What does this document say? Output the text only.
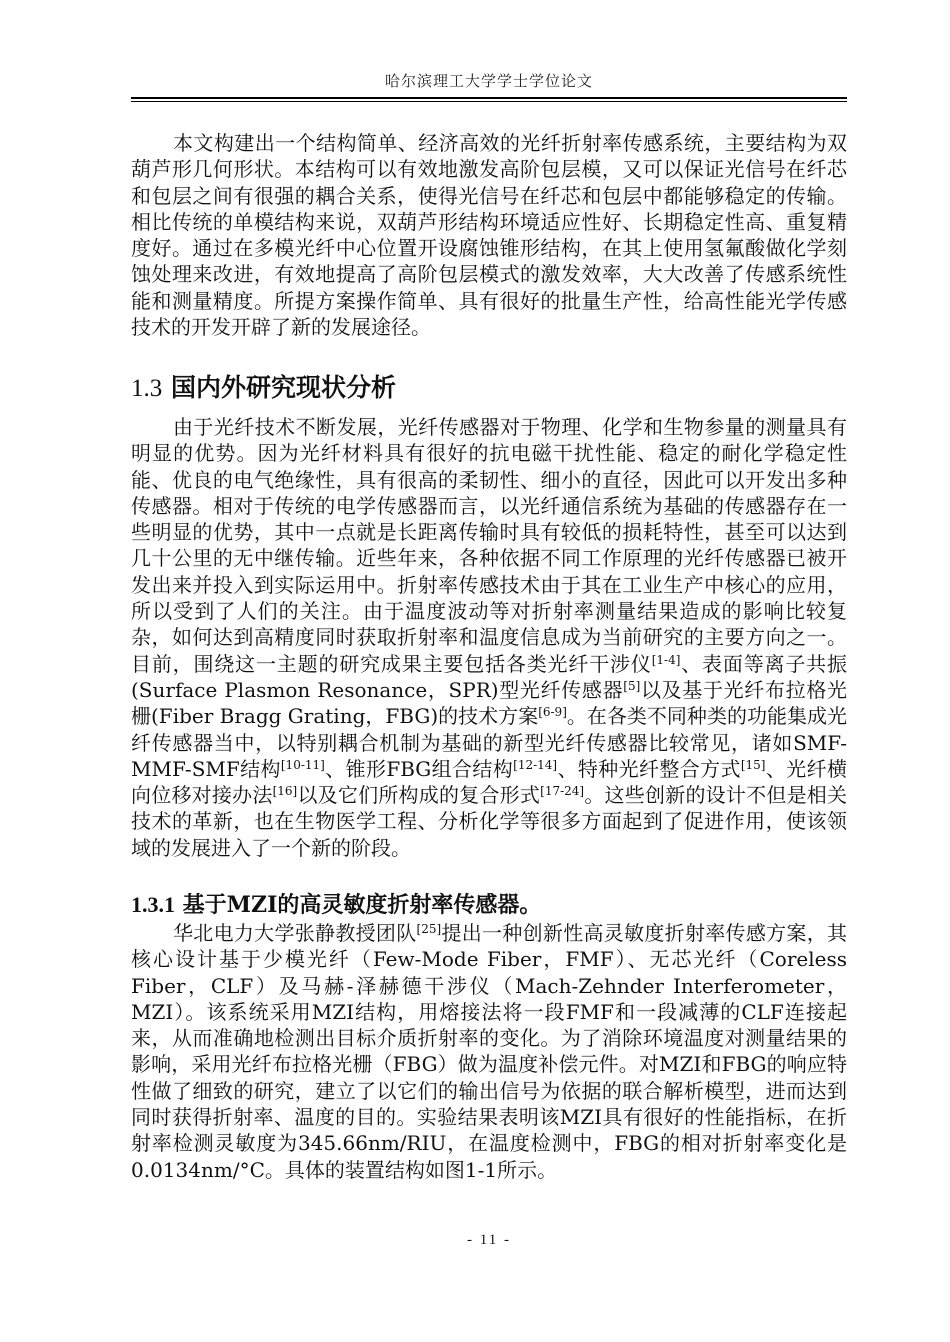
哈尔滨理工大学学士学位论文

本文构建出一个结构简单、经济高效的光纤折射率传感系统，主要结构为双葫芦形几何形状。本结构可以有效地激发高阶包层模，又可以保证光信号在纤芯和包层之间有很强的耦合关系，使得光信号在纤芯和包层中都能够稳定的传输。相比传统的单模结构来说，双葫芦形结构环境适应性好、长期稳定性高、重复精度好。通过在多模光纤中心位置开设腐蚀锥形结构，在其上使用氢氟酸做化学刻蚀处理来改进，有效地提高了高阶包层模式的激发效率，大大改善了传感系统性能和测量精度。所提方案操作简单、具有很好的批量生产性，给高性能光学传感技术的开发开辟了新的发展途径。

1.3 国内外研究现状分析

由于光纤技术不断发展，光纤传感器对于物理、化学和生物参量的测量具有明显的优势。因为光纤材料具有很好的抗电磁干扰性能、稳定的耐化学稳定性能、优良的电气绝缘性，具有很高的柔韧性、细小的直径，因此可以开发出多种传感器。相对于传统的电学传感器而言，以光纤通信系统为基础的传感器存在一些明显的优势，其中一点就是长距离传输时具有较低的损耗特性，甚至可以达到几十公里的无中继传输。近些年来，各种依据不同工作原理的光纤传感器已被开发出来并投入到实际运用中。折射率传感技术由于其在工业生产中核心的应用，所以受到了人们的关注。由于温度波动等对折射率测量结果造成的影响比较复杂，如何达到高精度同时获取折射率和温度信息成为当前研究的主要方向之一。目前，围绕这一主题的研究成果主要包括各类光纤干涉仪[1-4]、表面等离子共振(Surface Plasmon Resonance，SPR)型光纤传感器[5]以及基于光纤布拉格光栅(Fiber Bragg Grating，FBG)的技术方案[6-9]。在各类不同种类的功能集成光纤传感器当中，以特别耦合机制为基础的新型光纤传感器比较常见，诸如SMF-MMF-SMF结构[10-11]、锥形FBG组合结构[12-14]、特种光纤整合方式[15]、光纤横向位移对接办法[16]以及它们所构成的复合形式[17-24]。这些创新的设计不但是相关技术的革新，也在生物医学工程、分析化学等很多方面起到了促进作用，使该领域的发展进入了一个新的阶段。

1.3.1 基于MZI的高灵敏度折射率传感器。

华北电力大学张静教授团队[25]提出一种创新性高灵敏度折射率传感方案，其核心设计基于少模光纤（Few-Mode Fiber，FMF）、无芯光纤（Coreless Fiber，CLF）及马赫-泽赫德干涉仪（Mach-Zehnder Interferometer，MZI）。该系统采用MZI结构，用熔接法将一段FMF和一段减薄的CLF连接起来，从而准确地检测出目标介质折射率的变化。为了消除环境温度对测量结果的影响，采用光纤布拉格光栅（FBG）做为温度补偿元件。对MZI和FBG的响应特性做了细致的研究，建立了以它们的输出信号为依据的联合解析模型，进而达到同时获得折射率、温度的目的。实验结果表明该MZI具有很好的性能指标，在折射率检测灵敏度为345.66nm/RIU，在温度检测中，FBG的相对折射率变化是0.0134nm/°C。具体的装置结构如图1-1所示。

- 11 -
